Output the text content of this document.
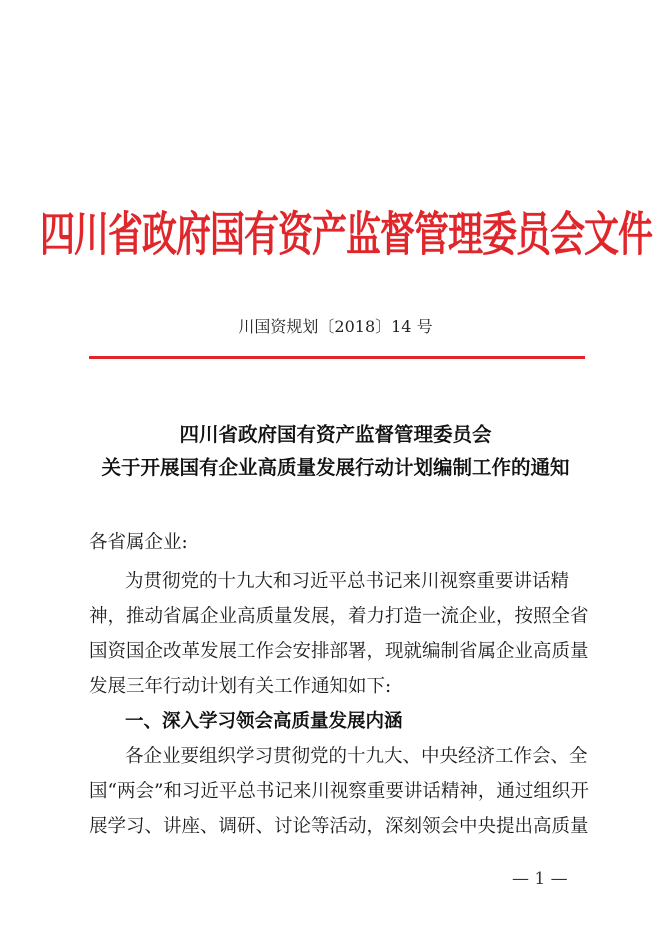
四川省政府国有资产监督管理委员会文件
川国资规划〔2018〕14 号
四川省政府国有资产监督管理委员会
关于开展国有企业高质量发展行动计划编制工作的通知
各省属企业:
为贯彻党的十九大和习近平总书记来川视察重要讲话精
神，推动省属企业高质量发展，着力打造一流企业，按照全省
国资国企改革发展工作会安排部署，现就编制省属企业高质量
发展三年行动计划有关工作通知如下:
一、深入学习领会高质量发展内涵
各企业要组织学习贯彻党的十九大、中央经济工作会、全
国“两会”和习近平总书记来川视察重要讲话精神，通过组织开
展学习、讲座、调研、讨论等活动，深刻领会中央提出高质量
— 1 —
